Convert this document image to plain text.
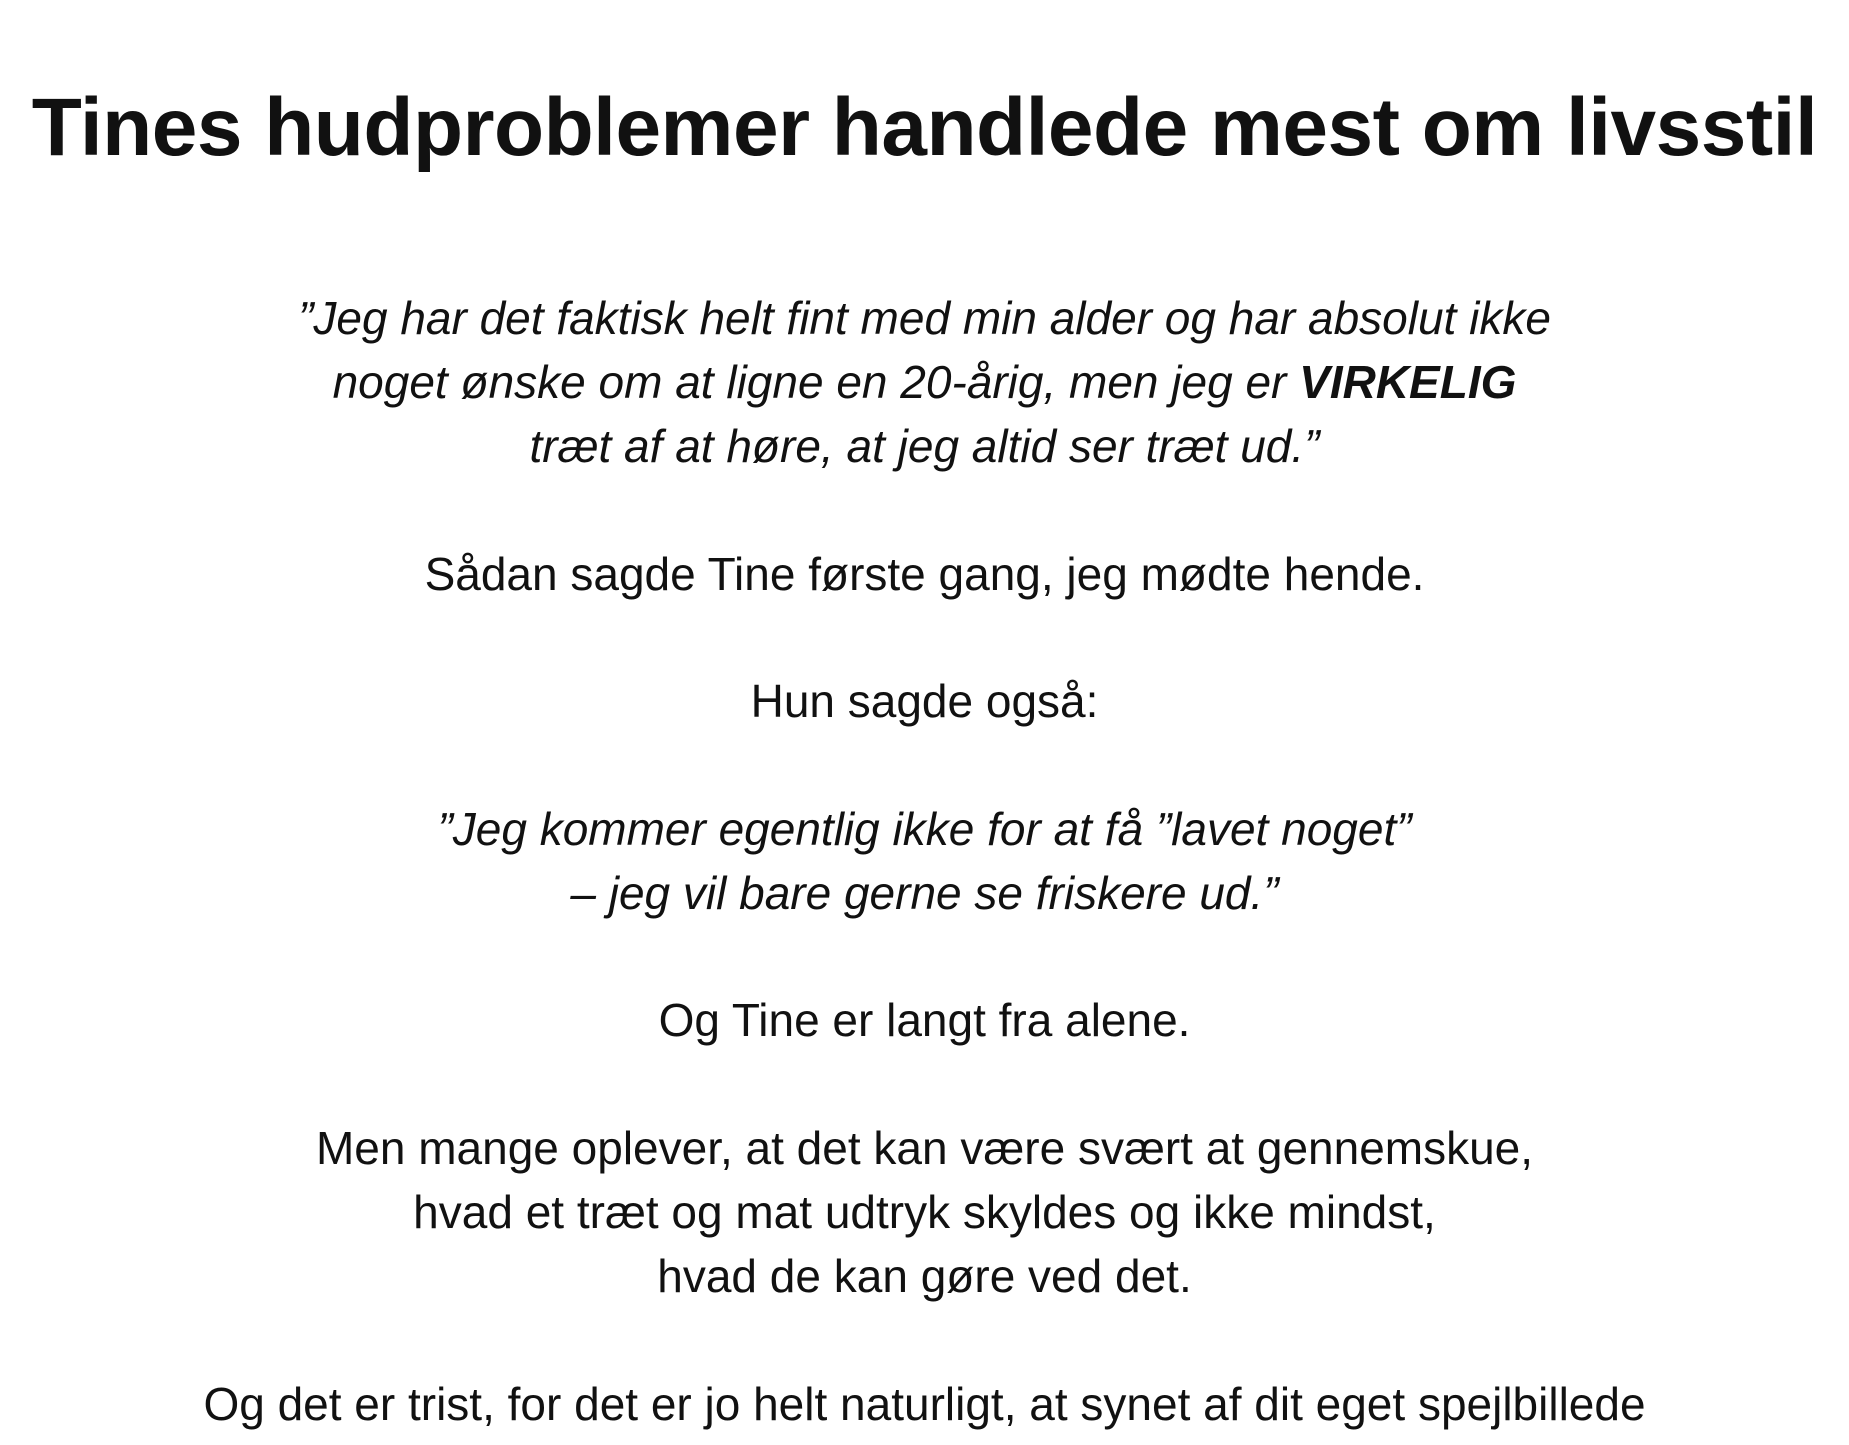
Tines hudproblemer handlede mest om livsstil

”Jeg har det faktisk helt fint med min alder og har absolut ikke

noget ønske om at ligne en 20-årig, men jeg er VIRKELIG

træt af at høre, at jeg altid ser træt ud.”

Sådan sagde Tine første gang, jeg mødte hende.

Hun sagde også:

”Jeg kommer egentlig ikke for at få ”lavet noget”

– jeg vil bare gerne se friskere ud.”

Og Tine er langt fra alene.

Men mange oplever, at det kan være svært at gennemskue,

hvad et træt og mat udtryk skyldes og ikke mindst,

hvad de kan gøre ved det.

Og det er trist, for det er jo helt naturligt, at synet af dit eget spejlbillede
